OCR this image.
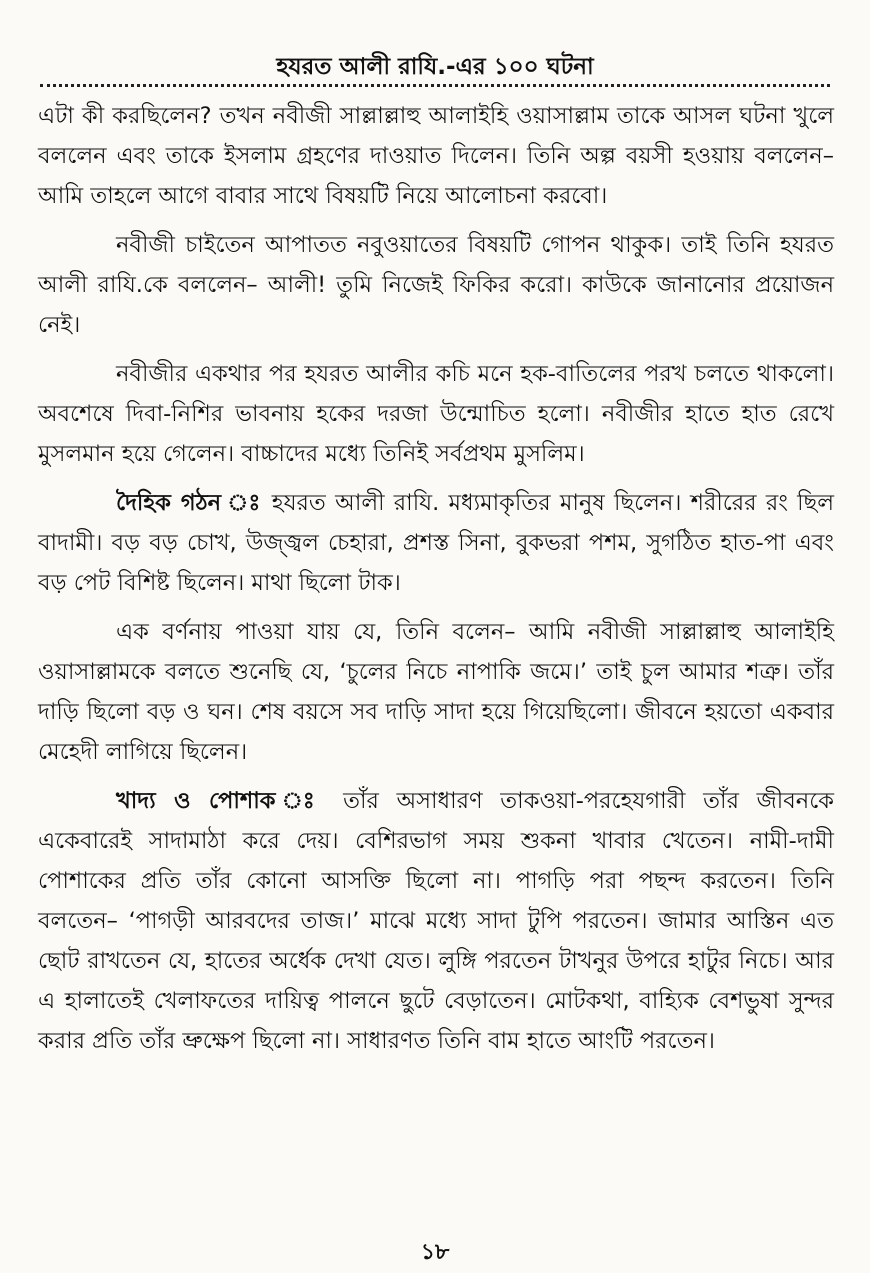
হযরত আলী রাযি.-এর ১০০ ঘটনা

এটা কী করছিলেন? তখন নবীজী সাল্লাল্লাহু আলাইহি ওয়াসাল্লাম তাকে আসল ঘটনা খুলে বললেন এবং তাকে ইসলাম গ্রহণের দাওয়াত দিলেন। তিনি অল্প বয়সী হওয়ায় বললেন– আমি তাহলে আগে বাবার সাথে বিষয়টি নিয়ে আলোচনা করবো।

নবীজী চাইতেন আপাতত নবুওয়াতের বিষয়টি গোপন থাকুক। তাই তিনি হযরত আলী রাযি.কে বললেন– আলী! তুমি নিজেই ফিকির করো। কাউকে জানানোর প্রয়োজন নেই।

নবীজীর একথার পর হযরত আলীর কচি মনে হক-বাতিলের পরখ চলতে থাকলো। অবশেষে দিবা-নিশির ভাবনায় হকের দরজা উন্মোচিত হলো। নবীজীর হাতে হাত রেখে মুসলমান হয়ে গেলেন। বাচ্চাদের মধ্যে তিনিই সর্বপ্রথম মুসলিম।

দৈহিক গঠন ঃ হযরত আলী রাযি. মধ্যমাকৃতির মানুষ ছিলেন। শরীরের রং ছিল বাদামী। বড় বড় চোখ, উজ্জ্বল চেহারা, প্রশস্ত সিনা, বুকভরা পশম, সুগঠিত হাত-পা এবং বড় পেট বিশিষ্ট ছিলেন। মাথা ছিলো টাক।

এক বর্ণনায় পাওয়া যায় যে, তিনি বলেন– আমি নবীজী সাল্লাল্লাহু আলাইহি ওয়াসাল্লামকে বলতে শুনেছি যে, ‘চুলের নিচে নাপাকি জমে।’ তাই চুল আমার শত্রু। তাঁর দাড়ি ছিলো বড় ও ঘন। শেষ বয়সে সব দাড়ি সাদা হয়ে গিয়েছিলো। জীবনে হয়তো একবার মেহেদী লাগিয়ে ছিলেন।

খাদ্য ও পোশাক ঃ তাঁর অসাধারণ তাকওয়া-পরহেযগারী তাঁর জীবনকে একেবারেই সাদামাঠা করে দেয়। বেশিরভাগ সময় শুকনা খাবার খেতেন। নামী-দামী পোশাকের প্রতি তাঁর কোনো আসক্তি ছিলো না। পাগড়ি পরা পছন্দ করতেন। তিনি বলতেন– ‘পাগড়ী আরবদের তাজ।’ মাঝে মধ্যে সাদা টুপি পরতেন। জামার আস্তিন এত ছোট রাখতেন যে, হাতের অর্ধেক দেখা যেত। লুঙ্গি পরতেন টাখনুর উপরে হাটুর নিচে। আর এ হালাতেই খেলাফতের দায়িত্ব পালনে ছুটে বেড়াতেন। মোটকথা, বাহ্যিক বেশভুষা সুন্দর করার প্রতি তাঁর ভ্রুক্ষেপ ছিলো না। সাধারণত তিনি বাম হাতে আংটি পরতেন।

১৮
